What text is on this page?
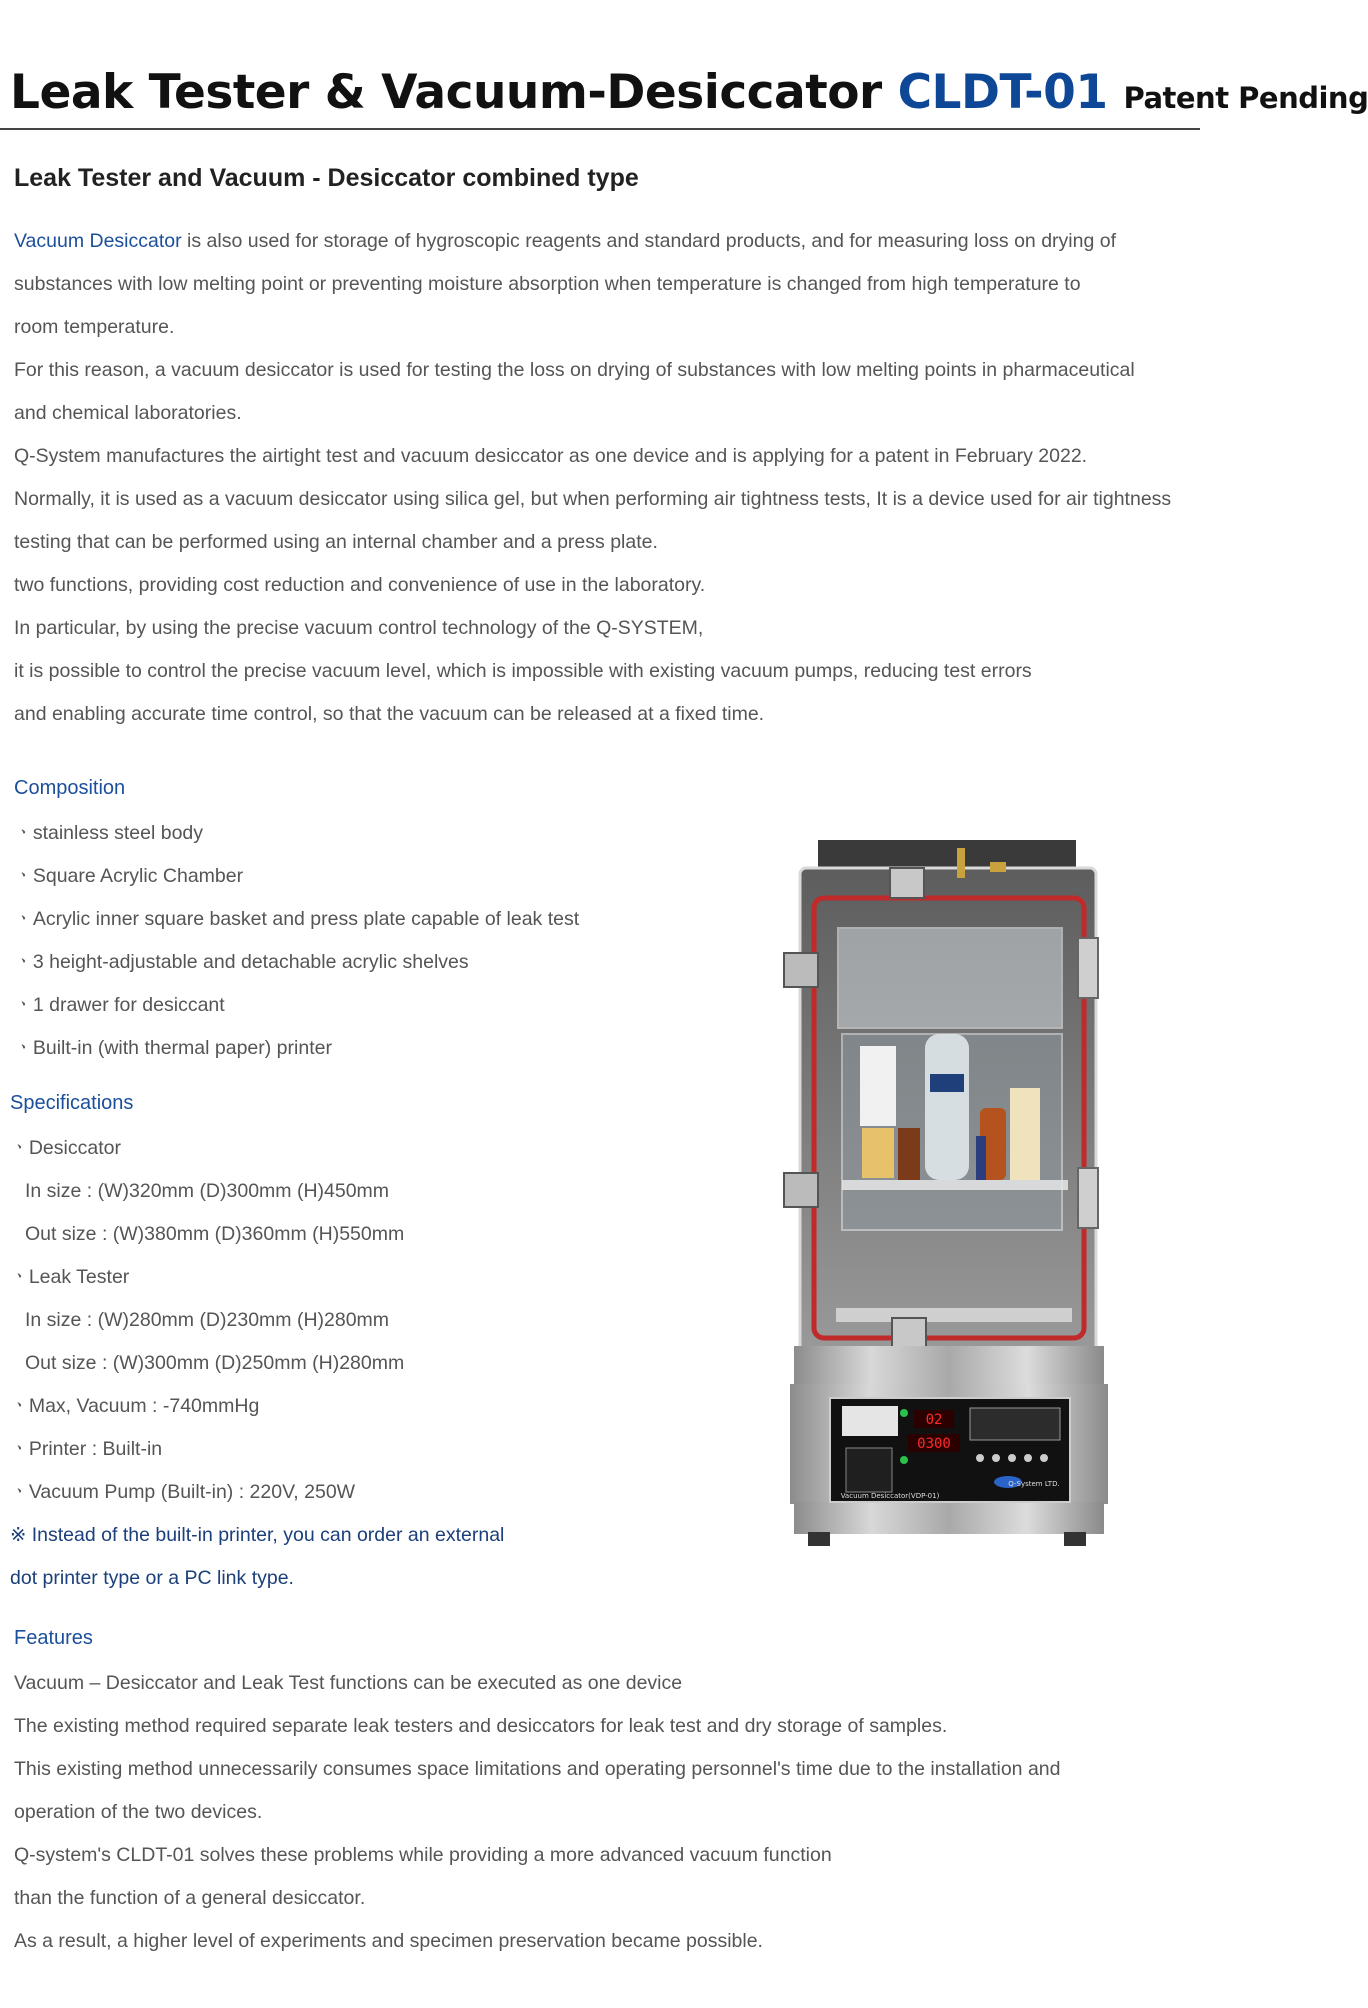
Leak Tester & Vacuum-Desiccator CLDT-01 Patent Pending
Leak Tester and Vacuum - Desiccator combined type
Vacuum Desiccator is also used for storage of hygroscopic reagents and standard products, and for measuring loss on drying of
substances with low melting point or preventing moisture absorption when temperature is changed from high temperature to
room temperature.
For this reason, a vacuum desiccator is used for testing the loss on drying of substances with low melting points in pharmaceutical
and chemical laboratories.
Q-System manufactures the airtight test and vacuum desiccator as one device and is applying for a patent in February 2022.
Normally, it is used as a vacuum desiccator using silica gel, but when performing air tightness tests, It is a device used for air tightness
testing that can be performed using an internal chamber and a press plate.
two functions, providing cost reduction and convenience of use in the laboratory.
In particular, by using the precise vacuum control technology of the Q-SYSTEM,
it is possible to control the precise vacuum level, which is impossible with existing vacuum pumps, reducing test errors
and enabling accurate time control, so that the vacuum can be released at a fixed time.
Composition
ㆍstainless steel body
ㆍSquare Acrylic Chamber
ㆍAcrylic inner square basket and press plate capable of leak test
ㆍ3 height-adjustable and detachable acrylic shelves
ㆍ1 drawer for desiccant
ㆍBuilt-in (with thermal paper) printer
Specifications
ㆍDesiccator
In size : (W)320mm (D)300mm (H)450mm
Out size : (W)380mm (D)360mm (H)550mm
ㆍLeak Tester
In size : (W)280mm (D)230mm (H)280mm
Out size : (W)300mm (D)250mm (H)280mm
ㆍMax, Vacuum : -740mmHg
ㆍPrinter : Built-in
ㆍVacuum Pump (Built-in) : 220V, 250W
※ Instead of the built-in printer, you can order an external
dot printer type or a PC link type.
Features
Vacuum – Desiccator and Leak Test functions can be executed as one device
The existing method required separate leak testers and desiccators for leak test and dry storage of samples.
This existing method unnecessarily consumes space limitations and operating personnel's time due to the installation and
operation of the two devices.
Q-system's CLDT-01 solves these problems while providing a more advanced vacuum function
than the function of a general desiccator.
As a result, a higher level of experiments and specimen preservation became possible.
02
0300
Q-System LTD.
Vacuum Desiccator(VDP-01)
